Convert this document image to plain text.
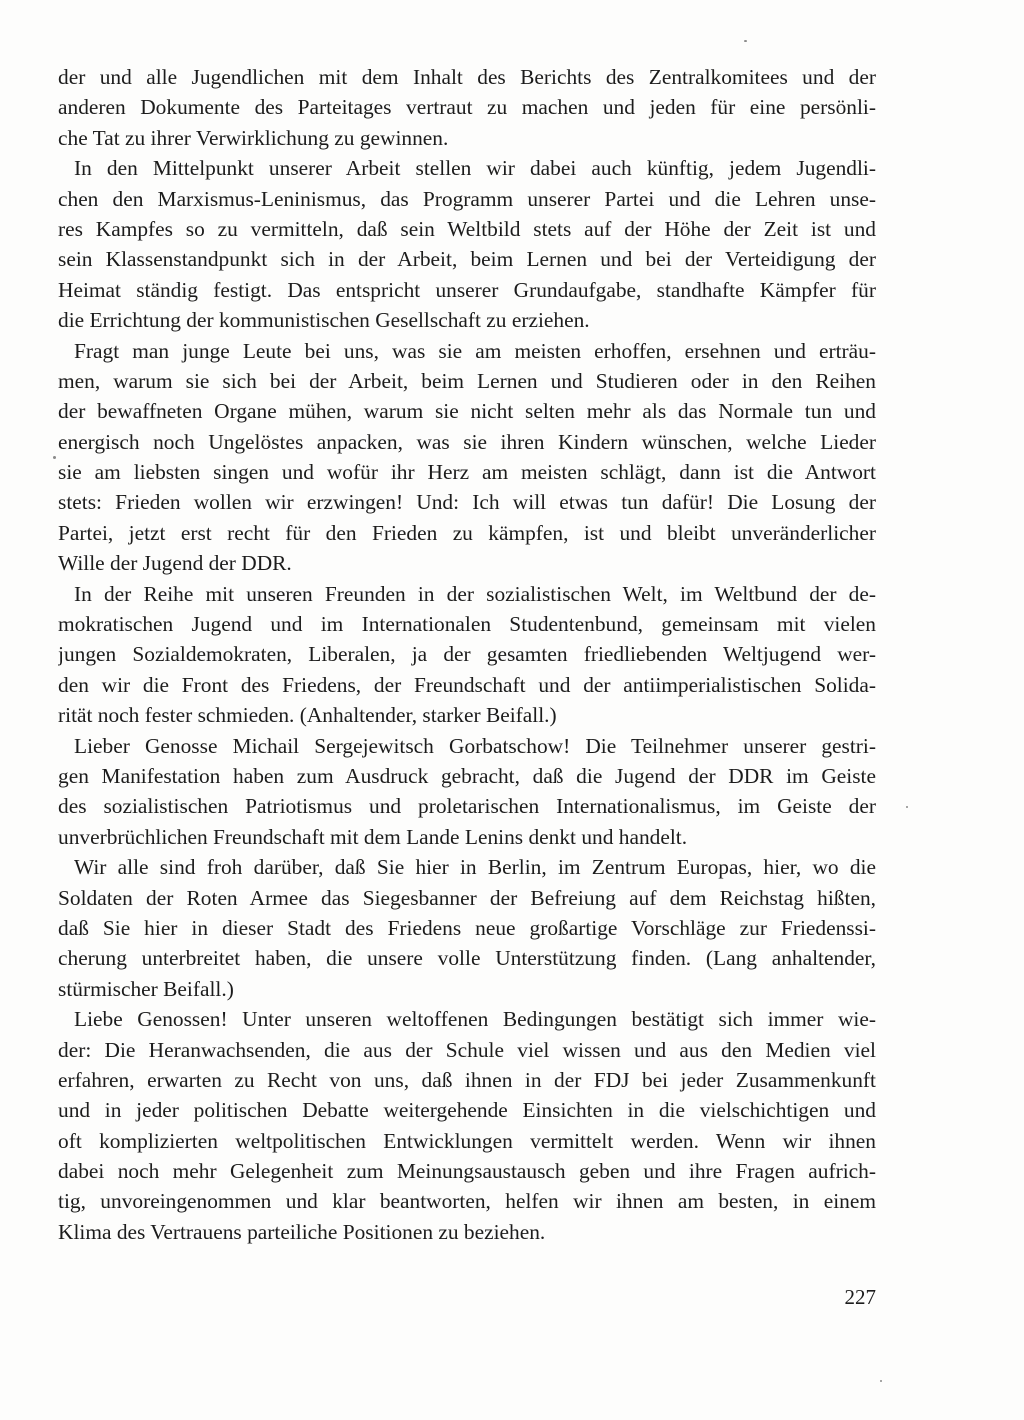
der und alle Jugendlichen mit dem Inhalt des Berichts des Zentralkomitees und der
anderen Dokumente des Parteitages vertraut zu machen und jeden für eine persönli-
che Tat zu ihrer Verwirklichung zu gewinnen.
In den Mittelpunkt unserer Arbeit stellen wir dabei auch künftig, jedem Jugendli-
chen den Marxismus-Leninismus, das Programm unserer Partei und die Lehren unse-
res Kampfes so zu vermitteln, daß sein Weltbild stets auf der Höhe der Zeit ist und
sein Klassenstandpunkt sich in der Arbeit, beim Lernen und bei der Verteidigung der
Heimat ständig festigt. Das entspricht unserer Grundaufgabe, standhafte Kämpfer für
die Errichtung der kommunistischen Gesellschaft zu erziehen.
Fragt man junge Leute bei uns, was sie am meisten erhoffen, ersehnen und erträu-
men, warum sie sich bei der Arbeit, beim Lernen und Studieren oder in den Reihen
der bewaffneten Organe mühen, warum sie nicht selten mehr als das Normale tun und
energisch noch Ungelöstes anpacken, was sie ihren Kindern wünschen, welche Lieder
sie am liebsten singen und wofür ihr Herz am meisten schlägt, dann ist die Antwort
stets: Frieden wollen wir erzwingen! Und: Ich will etwas tun dafür! Die Losung der
Partei, jetzt erst recht für den Frieden zu kämpfen, ist und bleibt unveränderlicher
Wille der Jugend der DDR.
In der Reihe mit unseren Freunden in der sozialistischen Welt, im Weltbund der de-
mokratischen Jugend und im Internationalen Studentenbund, gemeinsam mit vielen
jungen Sozialdemokraten, Liberalen, ja der gesamten friedliebenden Weltjugend wer-
den wir die Front des Friedens, der Freundschaft und der antiimperialistischen Solida-
rität noch fester schmieden. (Anhaltender, starker Beifall.)
Lieber Genosse Michail Sergejewitsch Gorbatschow! Die Teilnehmer unserer gestri-
gen Manifestation haben zum Ausdruck gebracht, daß die Jugend der DDR im Geiste
des sozialistischen Patriotismus und proletarischen Internationalismus, im Geiste der
unverbrüchlichen Freundschaft mit dem Lande Lenins denkt und handelt.
Wir alle sind froh darüber, daß Sie hier in Berlin, im Zentrum Europas, hier, wo die
Soldaten der Roten Armee das Siegesbanner der Befreiung auf dem Reichstag hißten,
daß Sie hier in dieser Stadt des Friedens neue großartige Vorschläge zur Friedenssi-
cherung unterbreitet haben, die unsere volle Unterstützung finden. (Lang anhaltender,
stürmischer Beifall.)
Liebe Genossen! Unter unseren weltoffenen Bedingungen bestätigt sich immer wie-
der: Die Heranwachsenden, die aus der Schule viel wissen und aus den Medien viel
erfahren, erwarten zu Recht von uns, daß ihnen in der FDJ bei jeder Zusammenkunft
und in jeder politischen Debatte weitergehende Einsichten in die vielschichtigen und
oft komplizierten weltpolitischen Entwicklungen vermittelt werden. Wenn wir ihnen
dabei noch mehr Gelegenheit zum Meinungsaustausch geben und ihre Fragen aufrich-
tig, unvoreingenommen und klar beantworten, helfen wir ihnen am besten, in einem
Klima des Vertrauens parteiliche Positionen zu beziehen.
227
